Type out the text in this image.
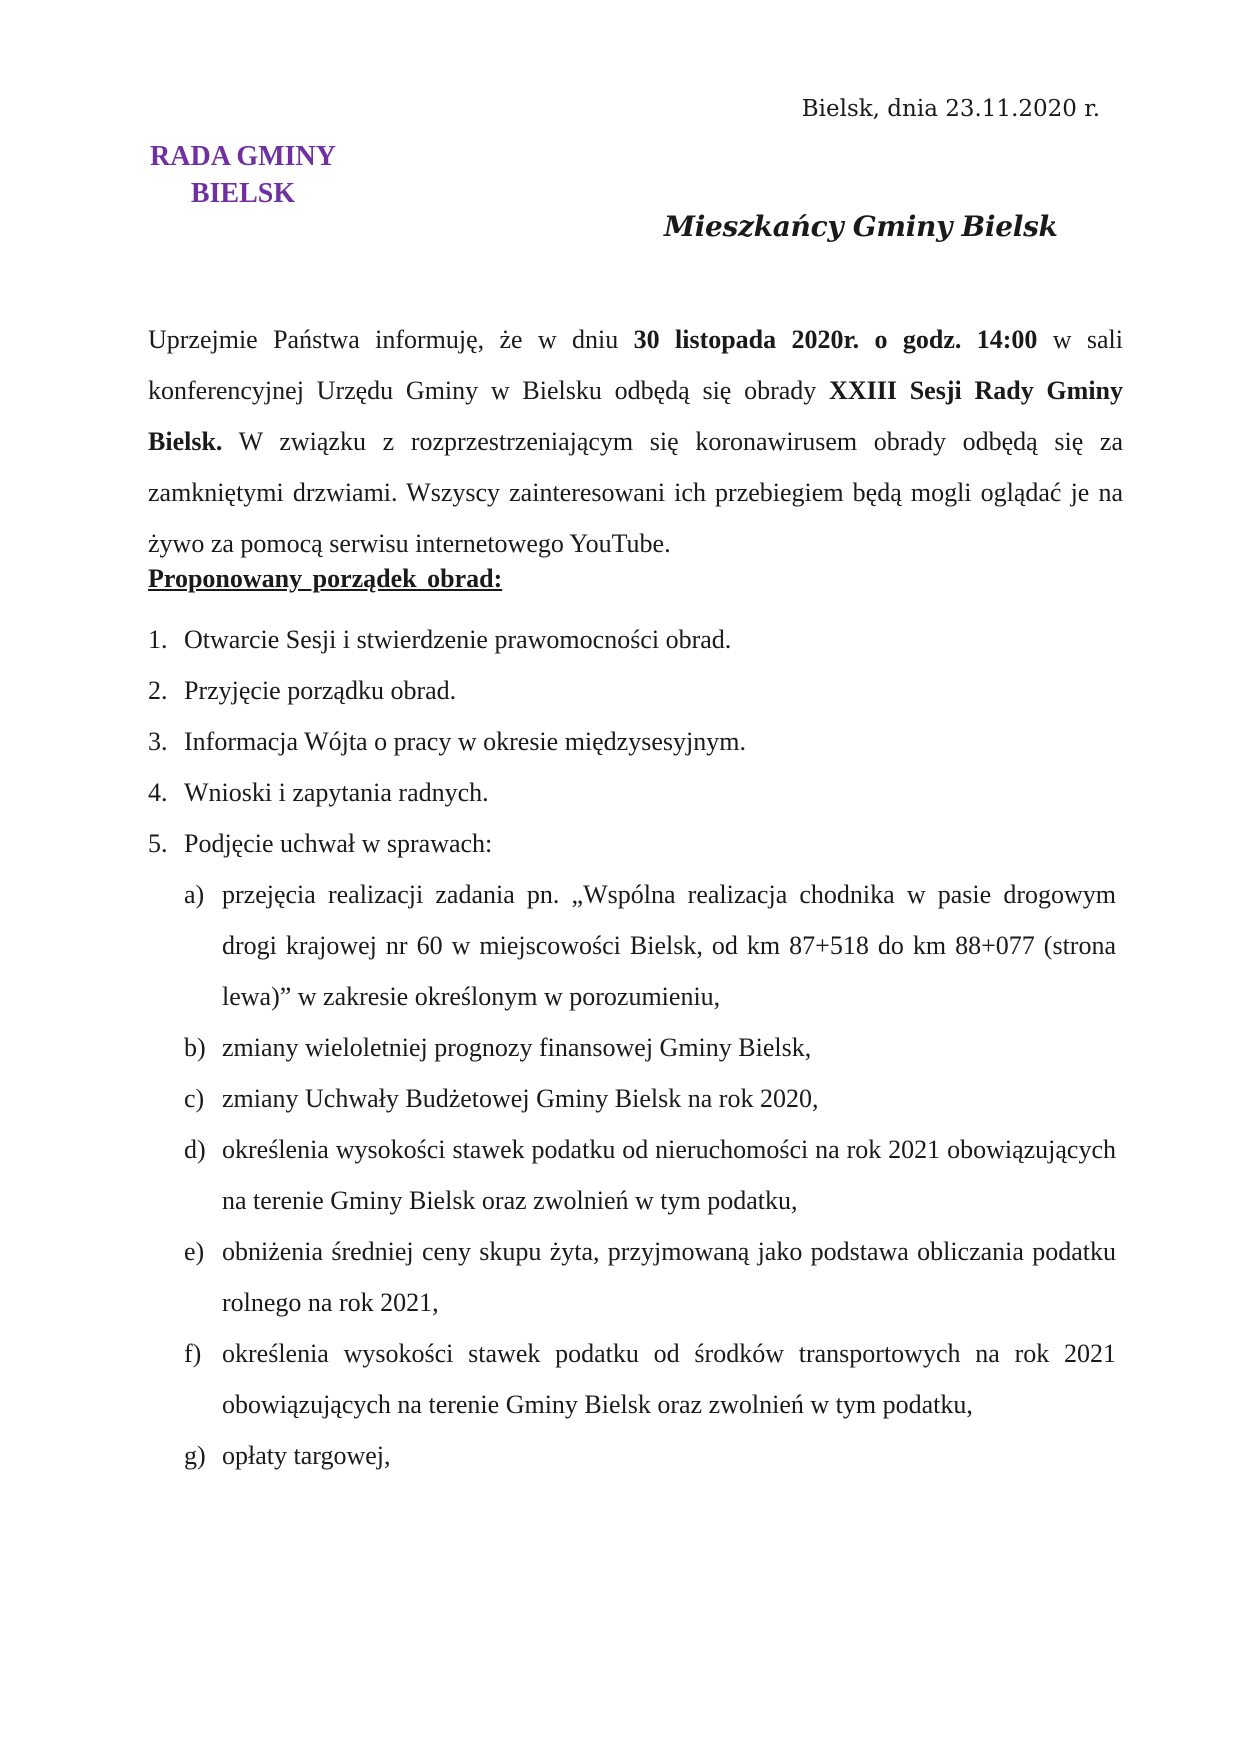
Bielsk, dnia 23.11.2020 r.
RADA GMINY
BIELSK
Mieszkańcy Gminy Bielsk

Uprzejmie Państwa informuję, że w dniu 30 listopada 2020r. o godz. 14:00 w sali konferencyjnej Urzędu Gminy w Bielsku odbędą się obrady XXIII Sesji Rady Gminy Bielsk. W związku z rozprzestrzeniającym się koronawirusem obrady odbędą się za zamkniętymi drzwiami. Wszyscy zainteresowani ich przebiegiem będą mogli oglądać je na żywo za pomocą serwisu internetowego YouTube.

Proponowany porządek obrad:
1. Otwarcie Sesji i stwierdzenie prawomocności obrad.
2. Przyjęcie porządku obrad.
3. Informacja Wójta o pracy w okresie międzysesyjnym.
4. Wnioski i zapytania radnych.
5. Podjęcie uchwał w sprawach:
a) przejęcia realizacji zadania pn. „Wspólna realizacja chodnika w pasie drogowym drogi krajowej nr 60 w miejscowości Bielsk, od km 87+518 do km 88+077 (strona lewa)” w zakresie określonym w porozumieniu,
b) zmiany wieloletniej prognozy finansowej Gminy Bielsk,
c) zmiany Uchwały Budżetowej Gminy Bielsk na rok 2020,
d) określenia wysokości stawek podatku od nieruchomości na rok 2021 obowiązujących na terenie Gminy Bielsk oraz zwolnień w tym podatku,
e) obniżenia średniej ceny skupu żyta, przyjmowaną jako podstawa obliczania podatku rolnego na rok 2021,
f) określenia wysokości stawek podatku od środków transportowych na rok 2021 obowiązujących na terenie Gminy Bielsk oraz zwolnień w tym podatku,
g) opłaty targowej,
